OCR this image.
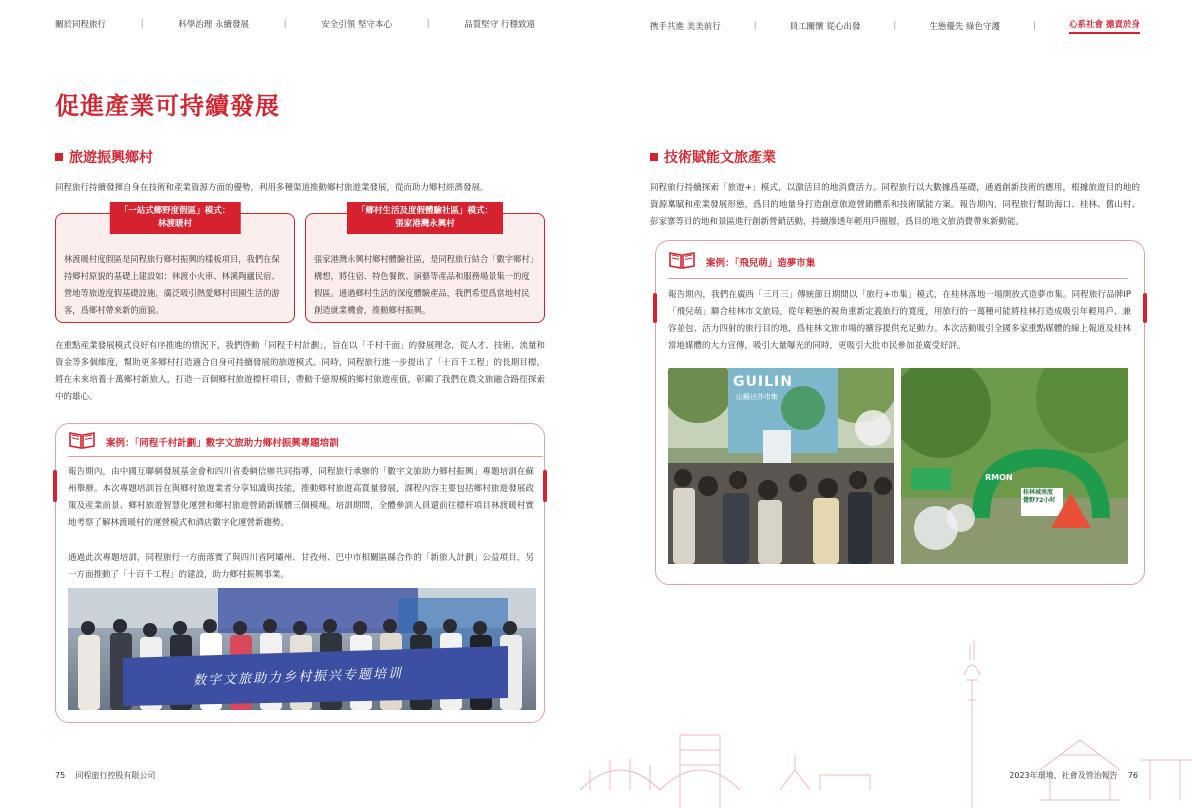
關於同程旅行	|	科學治理 永續發展	|	安全引領 堅守本心	|	品質堅守 行穩致遠	携手共進 美美前行	|	員工關懷 從心出發	|	生態優先 綠色守護	|	心系社會 擔責於身
促進產業可持續發展
旅遊振興鄉村
同程旅行持續發揮自身在技術和產業資源方面的優勢，利用多種渠道推動鄉村旅遊業發展，從而助力鄉村經濟發展。
「一站式鄉野度假區」模式：
林渡暖村
林渡暖村度假區是同程旅行鄉村振興的樣板項目，我們在保持鄉村原貌的基礎上建設如：林渡小火車、林溪陶廬民宿、營地等旅遊度假基礎設施，廣泛吸引熱愛鄉村田園生活的游客，爲鄉村帶來新的面貌。
「鄉村生活及度假體驗社區」模式：
張家港灣永興村
張家港灣永興村鄉村體驗社區，是同程旅行結合「數字鄉村」構想，將住宿、特色餐飲、演藝等產品和服務場景集一的度假區。通過鄉村生活的深度體驗產品，我們希望爲當地村民創造就業機會，推動鄉村振興。
在重點産業發展模式良好有序推進的情況下，我們啓動「同程千村計劃」，旨在以「千村千面」的發展理念，從人才、技術、流量和資金等多個維度，幫助更多鄉村打造適合自身可持續發展的旅遊模式。同時，同程旅行進一步提出了「十百千工程」的長期目標，將在未來培養十萬鄉村新旅人，打造一百個鄉村旅遊標杆項目，帶動千億規模的鄉村旅遊産值，彰顯了我們在農文旅融合路徑探索中的雄心。
案例：「同程千村計劃」數字文旅助力鄉村振興專題培訓
報告期內，由中國互聯網發展基金會和四川省委網信辦共同指導，同程旅行承辦的「數字文旅助力鄉村振興」專題培訓在蘇州舉辦。本次專題培訓旨在與鄉村旅遊業者分享知識與技能，推動鄉村旅遊高質量發展，課程內容主要包括鄉村旅遊發展政策及産業前景、鄉村旅遊智慧化運營和鄉村旅遊營銷新媒體三個模塊。培訓期間，全體參訓人員還前往標杆項目林渡暖村實地考察了解林渡暖村的運營模式和酒店數字化運營新趨勢。
通過此次專題培訓，同程旅行一方面落實了與四川省阿壩州、甘孜州、巴中市相關區縣合作的「新旅人計劃」公益項目，另一方面推動了「十百千工程」的建設，助力鄉村振興事業。
数字文旅助力乡村振兴专题培训
技術賦能文旅產業
同程旅行持續探索「旅遊+」模式，以激活目的地消費活力。同程旅行以大數據爲基礎，通過創新技術的應用，根據旅遊目的地的資源稟賦和産業發展形態，爲目的地量身打造創意旅遊營銷體系和技術賦能方案。報告期內，同程旅行幫助海口、桂林、舊山村、彭家寨等目的地和景區進行創新營銷活動，持續滲透年輕用戶圈層，爲目的地文旅消費帶來新動能。
案例：「飛兒萌」造夢市集
報告期內，我們在廣西「三月三」傳統節日期間以「旅行+市集」模式，在桂林落地一場開放式造夢市集。同程旅行品牌IP「飛兒萌」聯合桂林市文旅局，從年輕態的視角重新定義旅行的寬度，用旅行的一萬種可能將桂林打造成吸引年輕用戶、兼容並包、活力四射的旅行目的地，爲桂林文旅市場的擴容提供充足動力。本次活動吸引全國多家重點媒體的線上報道及桂林當地媒體的大力宣傳，吸引大量曝光的同時，更吸引大批市民參加並廣受好評。
GUILIN
山觴达莎市集
桂林城南度
覺野72小时
RMON
75 同程旅行控股有限公司	2023年環境、社會及管治報告 76
